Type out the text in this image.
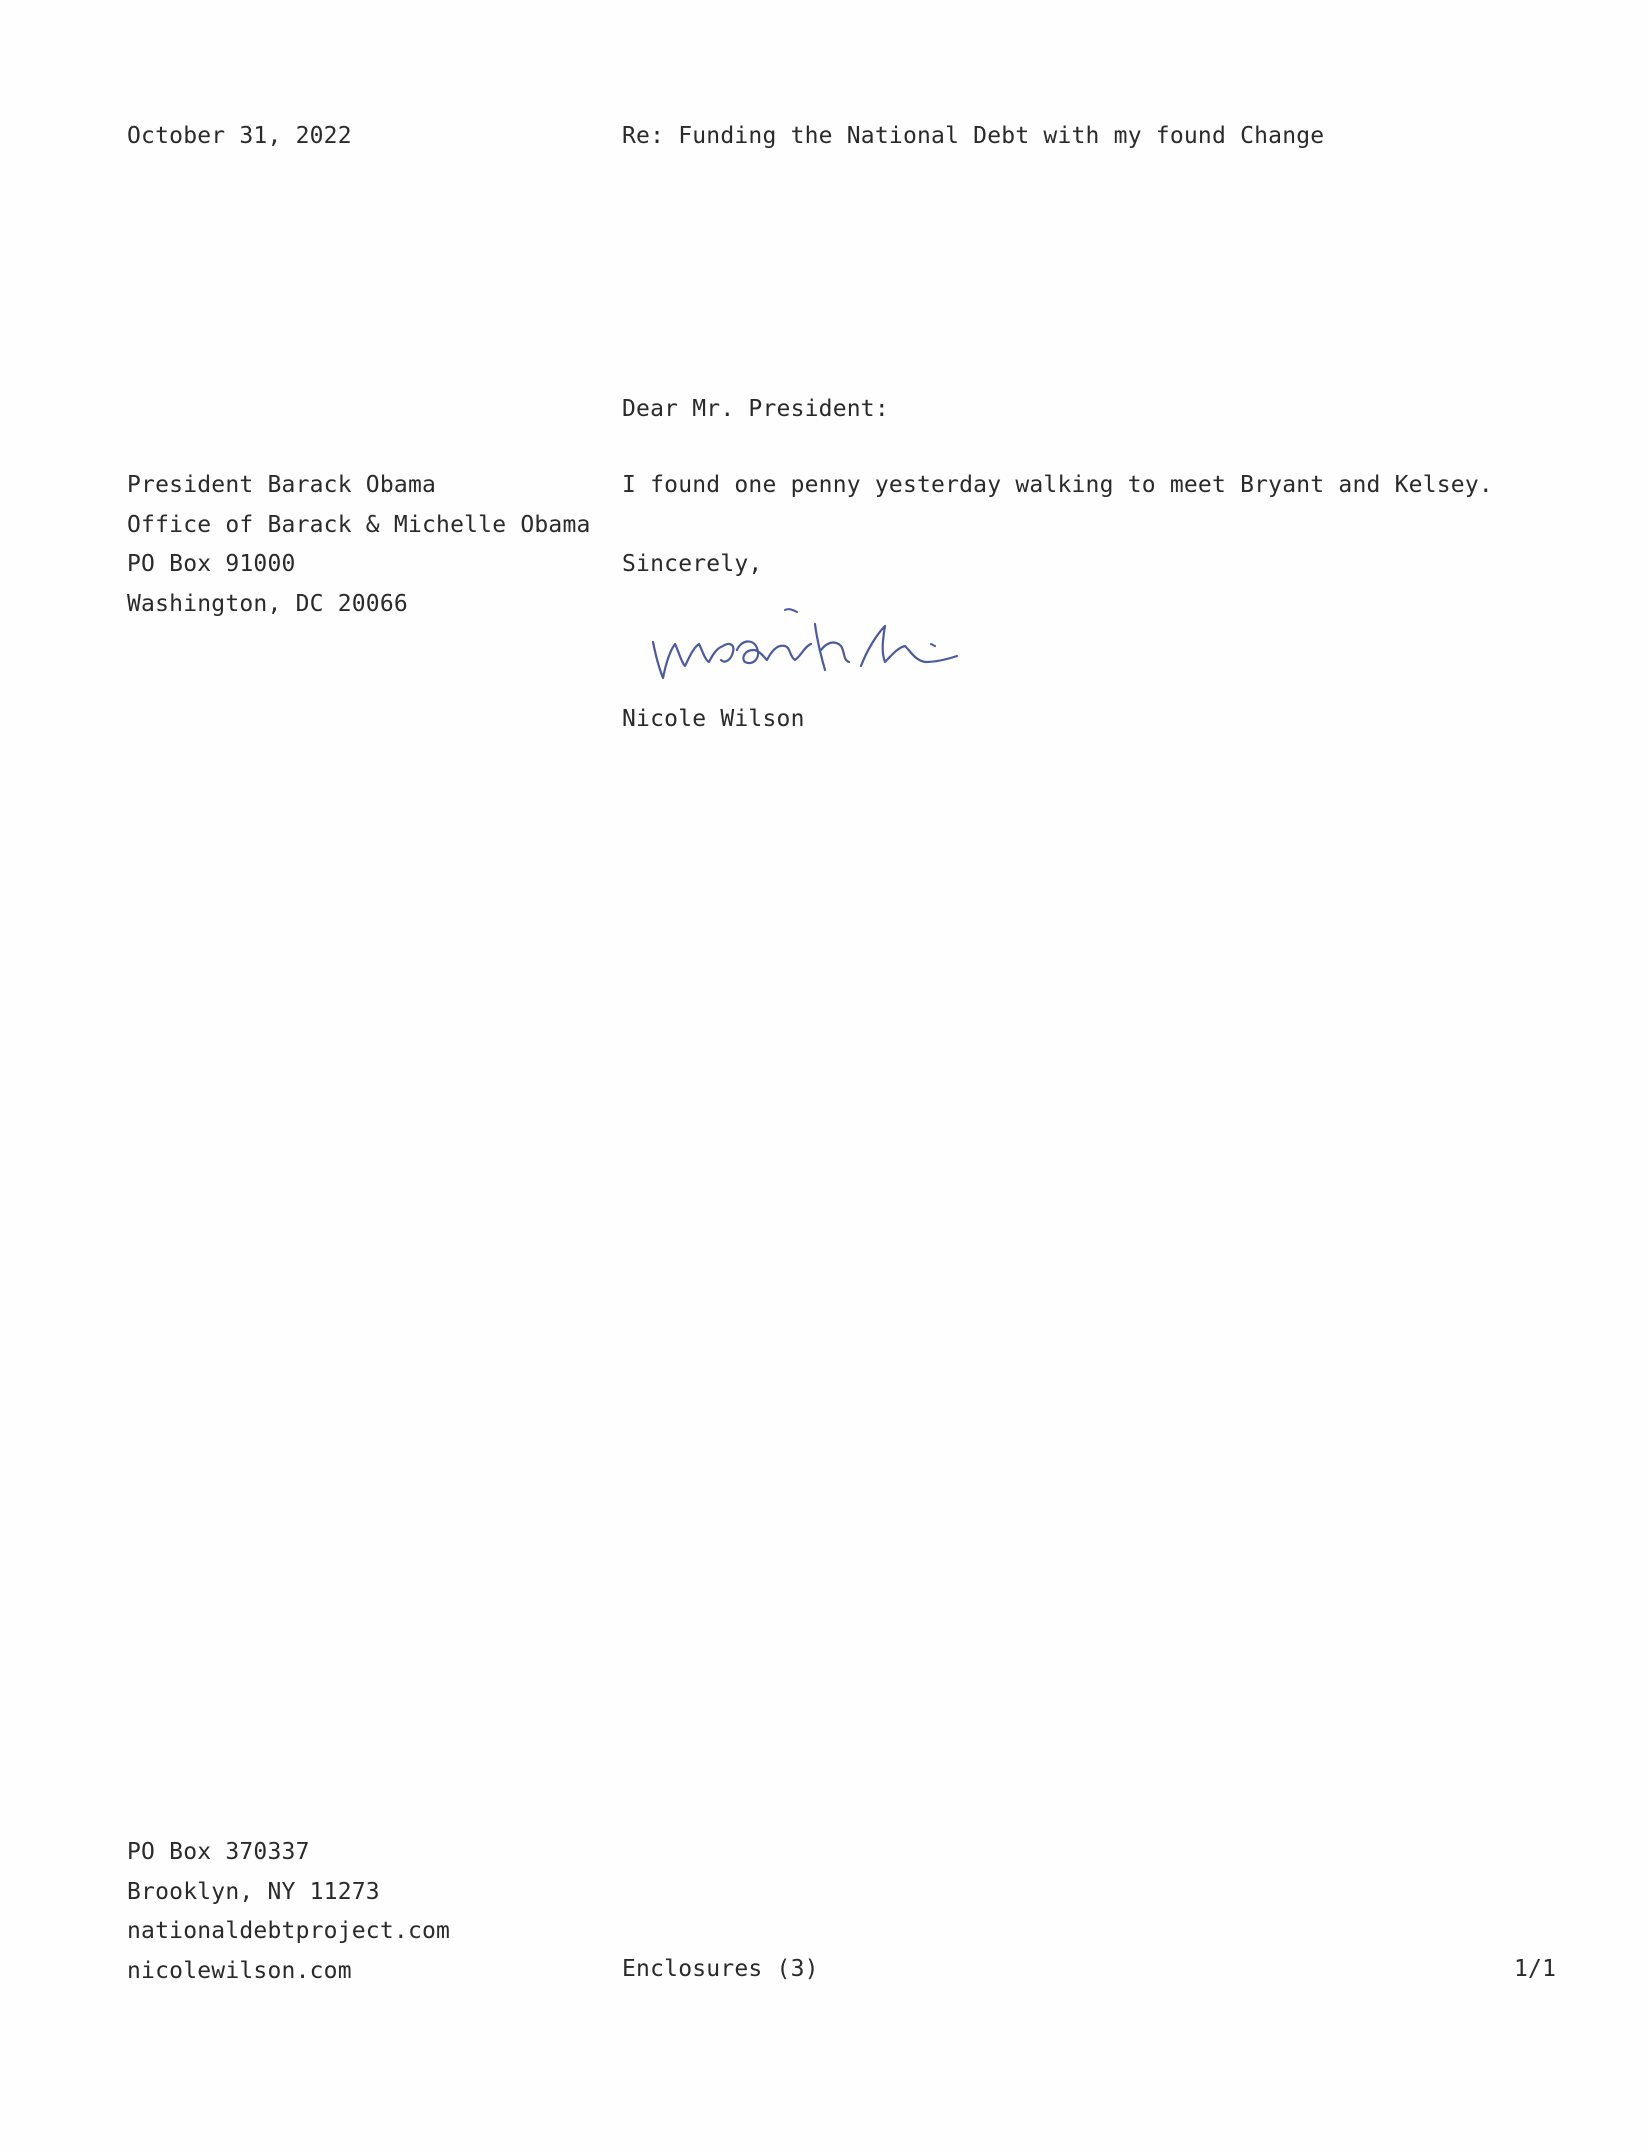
October 31, 2022	Re: Funding the National Debt with my found Change
Dear Mr. President:
President Barack Obama
Office of Barack & Michelle Obama
PO Box 91000
Washington, DC 20066
I found one penny yesterday walking to meet Bryant and Kelsey.
Sincerely,
Nicole Wilson
PO Box 370337
Brooklyn, NY 11273
nationaldebtproject.com
nicolewilson.com	Enclosures (3)	1/1
